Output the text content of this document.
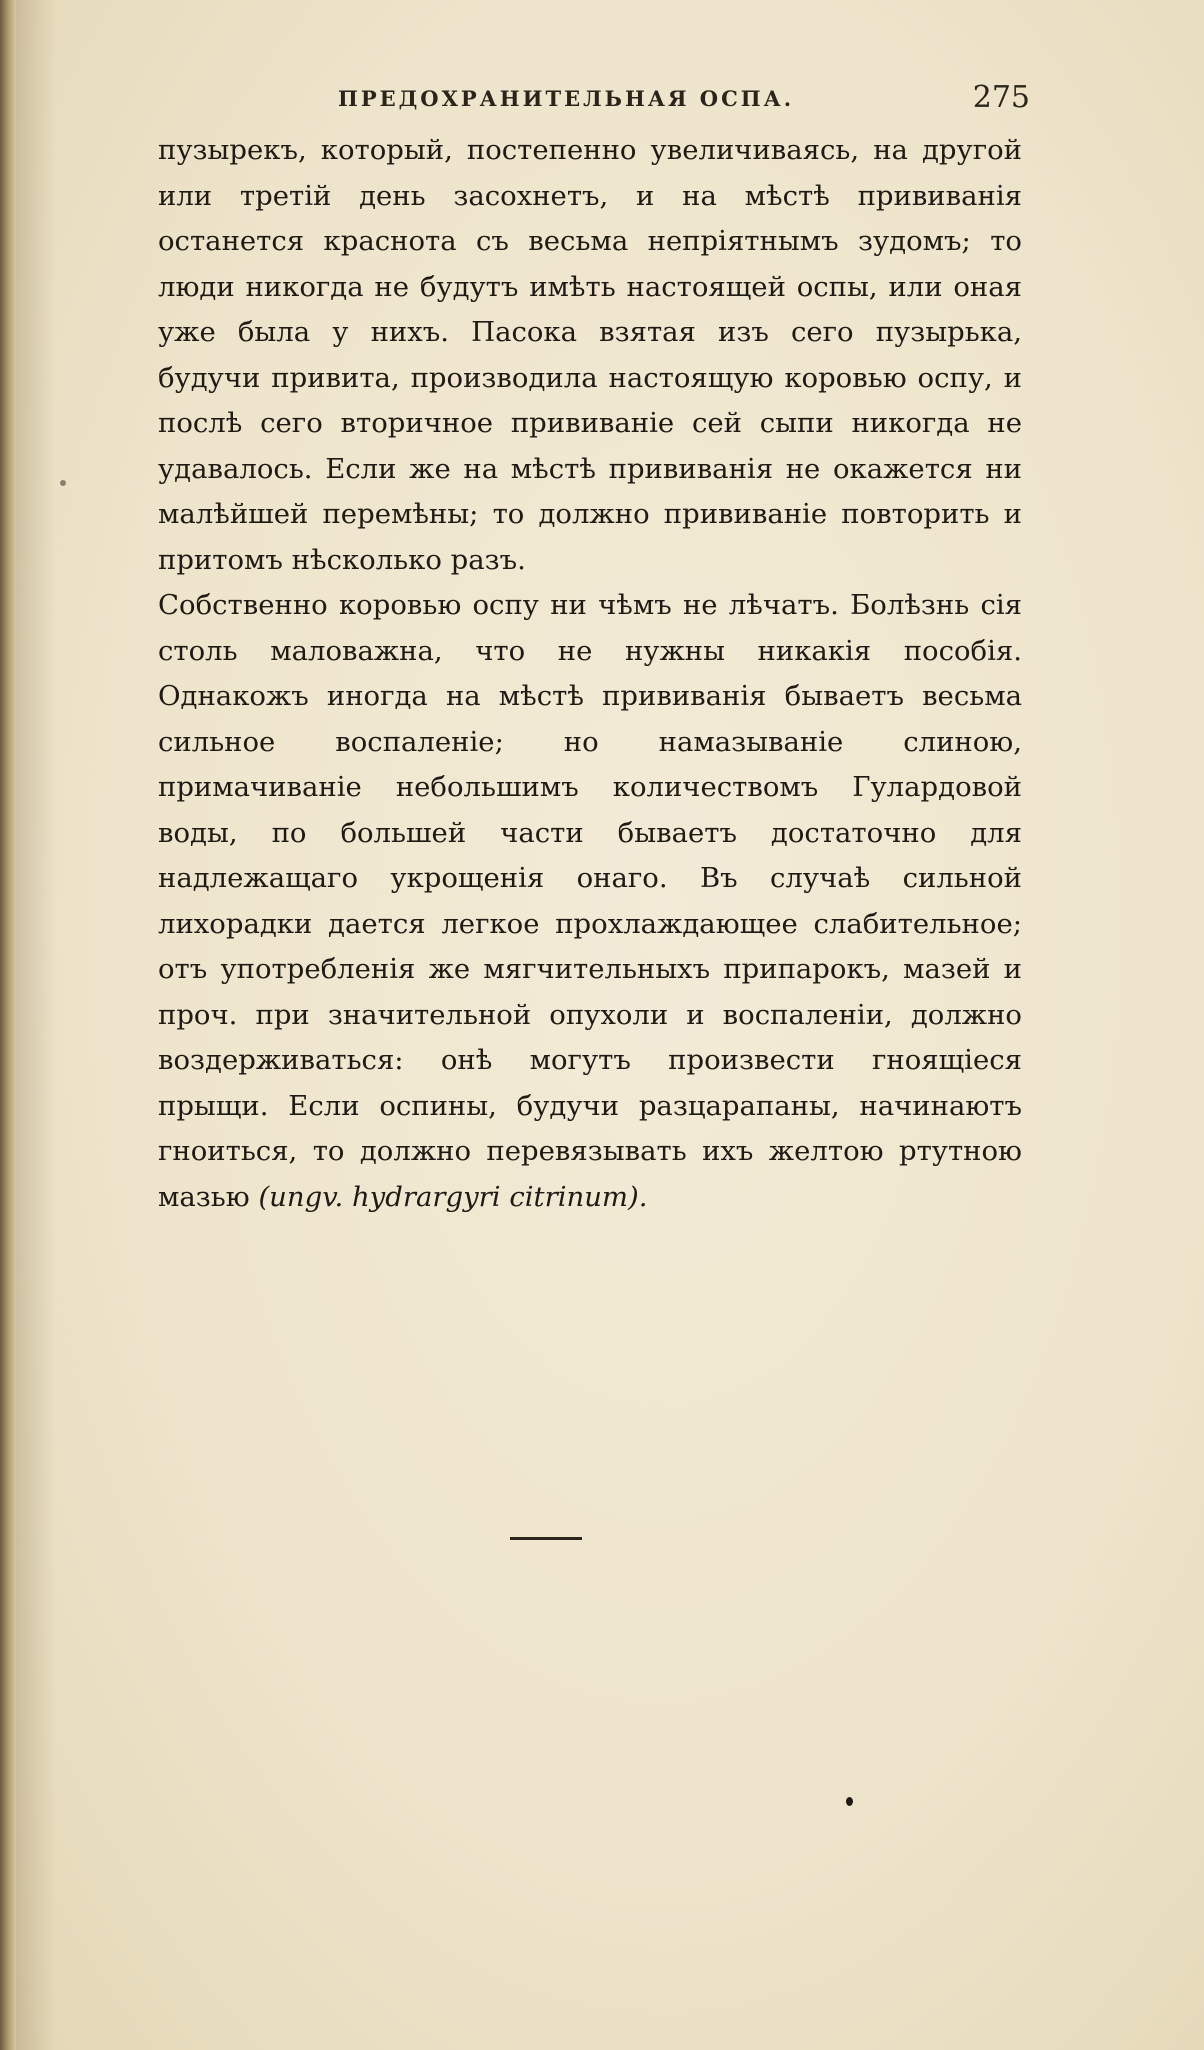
ПРЕДОХРАНИТЕЛЬНАЯ ОСПА.	275

пузырекъ, который, постепенно увеличиваясь, на другой или третій день засохнетъ, и на мѣстѣ прививанія останется краснота съ весьма непріятнымъ зудомъ; то люди никогда не будутъ имѣть настоящей оспы, или оная уже была у нихъ. Пасока взятая изъ сего пузырька, будучи привита, производила настоящую коровью оспу, и послѣ сего вторичное прививаніе сей сыпи никогда не удавалось. Если же на мѣстѣ прививанія не окажется ни малѣйшей перемѣны; то должно прививаніе повторить и притомъ нѣсколько разъ.

Собственно коровью оспу ни чѣмъ не лѣчатъ. Болѣзнь сія столь маловажна, что не нужны никакія пособія. Однакожъ иногда на мѣстѣ прививанія бываетъ весьма сильное воспаленіе; но намазываніе слиною, примачиваніе небольшимъ количествомъ Гулардовой воды, по большей части бываетъ достаточно для надлежащаго укрощенія онаго. Въ случаѣ сильной лихорадки дается легкое прохлаждающее слабительное; отъ употребленія же мягчительныхъ припарокъ, мазей и проч. при значительной опухоли и воспаленіи, должно воздерживаться: онѣ могутъ произвести гноящіеся прыщи. Если оспины, будучи разцарапаны, начинаютъ гноиться, то должно перевязывать ихъ желтою ртутною мазью (ungv. hydrargyri citrinum).
